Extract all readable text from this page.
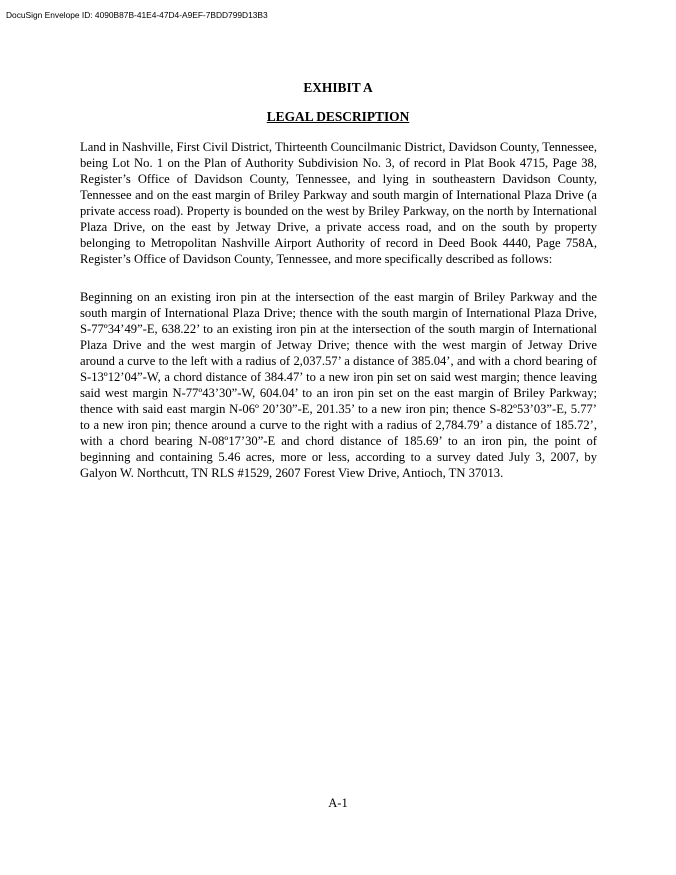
DocuSign Envelope ID: 4090B87B-41E4-47D4-A9EF-7BDD799D13B3
EXHIBIT A
LEGAL DESCRIPTION

Land in Nashville, First Civil District, Thirteenth Councilmanic District, Davidson County, Tennessee, being Lot No. 1 on the Plan of Authority Subdivision No. 3, of record in Plat Book 4715, Page 38, Register’s Office of Davidson County, Tennessee, and lying in southeastern Davidson County, Tennessee and on the east margin of Briley Parkway and south margin of International Plaza Drive (a private access road). Property is bounded on the west by Briley Parkway, on the north by International Plaza Drive, on the east by Jetway Drive, a private access road, and on the south by property belonging to Metropolitan Nashville Airport Authority of record in Deed Book 4440, Page 758A, Register’s Office of Davidson County, Tennessee, and more specifically described as follows:

Beginning on an existing iron pin at the intersection of the east margin of Briley Parkway and the south margin of International Plaza Drive; thence with the south margin of International Plaza Drive, S-77º34’49”-E, 638.22’ to an existing iron pin at the intersection of the south margin of International Plaza Drive and the west margin of Jetway Drive; thence with the west margin of Jetway Drive around a curve to the left with a radius of 2,037.57’ a distance of 385.04’, and with a chord bearing of S-13º12’04”-W, a chord distance of 384.47’ to a new iron pin set on said west margin; thence leaving said west margin N-77º43’30”-W, 604.04’ to an iron pin set on the east margin of Briley Parkway; thence with said east margin N-06º 20’30”-E, 201.35’ to a new iron pin; thence S-82º53’03”-E, 5.77’ to a new iron pin; thence around a curve to the right with a radius of 2,784.79’ a distance of 185.72’, with a chord bearing N-08º17’30”-E and chord distance of 185.69’ to an iron pin, the point of beginning and containing 5.46 acres, more or less, according to a survey dated July 3, 2007, by Galyon W. Northcutt, TN RLS #1529, 2607 Forest View Drive, Antioch, TN 37013.

A-1
